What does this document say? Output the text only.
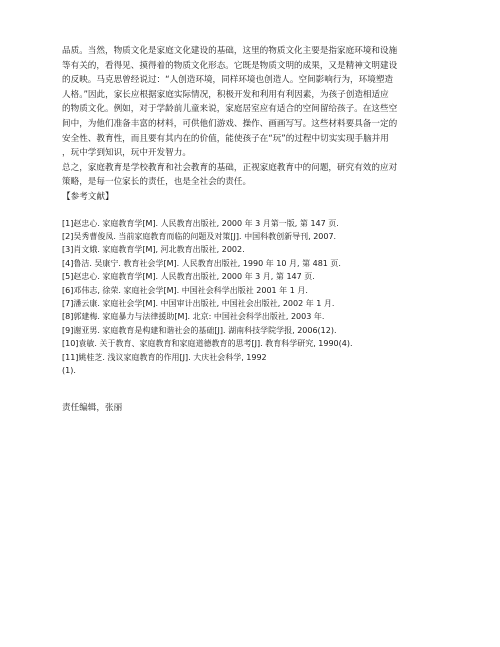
品质。当然，物质文化是家庭文化建设的基础，这里的物质文化主要是指家庭环境和设施
等有关的，看得见、摸得着的物质文化形态。它既是物质文明的成果，又是精神文明建设
的反映。马克思曾经说过：“人创造环境，同样环境也创造人。空间影响行为，环境塑造
人格。”因此，家长应根据家庭实际情况，积极开发和利用有利因素，为孩子创造相适应
的物质文化。例如，对于学龄前儿童来说，家庭居室应有适合的空间留给孩子。在这些空
间中，为他们准备丰富的材料，可供他们游戏、操作、画画写写。这些材料要具备一定的
安全性、教育性，而且要有其内在的价值，能使孩子在“玩”的过程中切实实现手脑并用
，玩中学到知识，玩中开发智力。
总之，家庭教育是学校教育和社会教育的基础，正视家庭教育中的问题，研究有效的应对
策略，是每一位家长的责任，也是全社会的责任。
【参考文献】
[1]赵忠心. 家庭教育学[M]. 人民教育出版社, 2000 年 3 月第一版, 第 147 页.
[2]吴秀曹俊凤. 当前家庭教育而临的问题及对策[J]. 中国科教创新导刊, 2007.
[3]肖文娥. 家庭教育学[M], 河北教育出版社, 2002.
[4]鲁洁. 吴康宁. 教育社会学[M]. 人民教育出版社, 1990 年 10 月, 第 481 页.
[5]赵忠心. 家庭教育学[M]. 人民教育出版社, 2000 年 3 月, 第 147 页.
[6]邓伟志, 徐荣. 家庭社会学[M]. 中国社会科学出版社 2001 年 1 月.
[7]潘云康. 家庭社会学[M]. 中国审计出版社, 中国社会出版社, 2002 年 1 月.
[8]郭建梅. 家庭暴力与法律援助[M]. 北京: 中国社会科学出版社, 2003 年.
[9]谢亚男. 家庭教育是构建和谐社会的基础[J]. 湖南科技学院学报, 2006(12).
[10]袁敏. 关于教育、家庭教育和家庭道德教育的思考[J]. 教育科学研究, 1990(4).
[11]姚桂芝. 浅议家庭教育的作用[J]. 大庆社会科学, 1992
(1).
责任编辑，张丽
